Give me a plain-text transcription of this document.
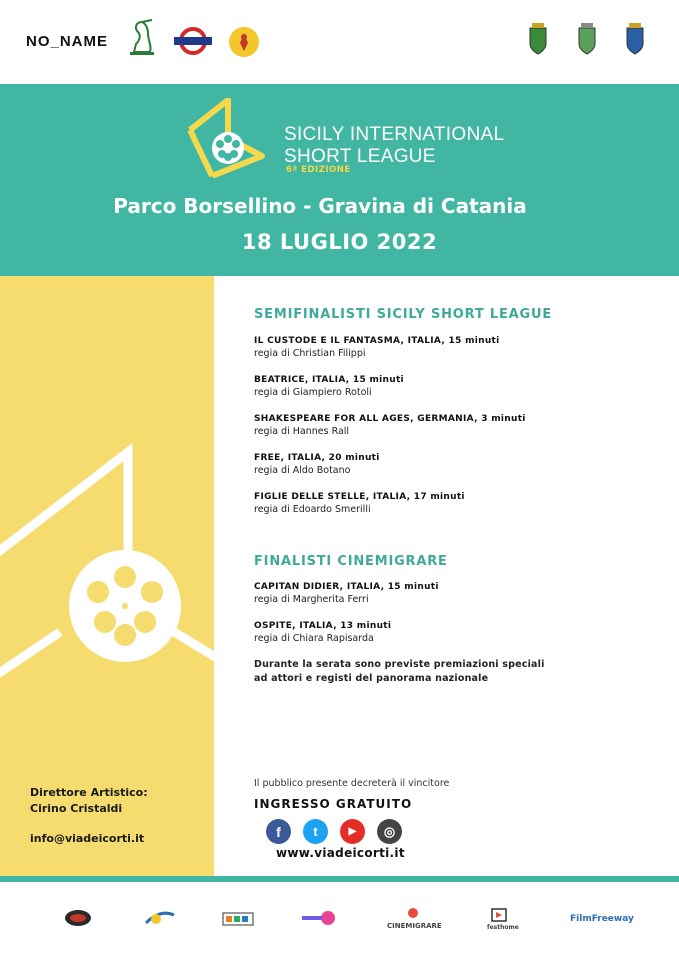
NO_NAME
SICILY INTERNATIONAL
SHORT LEAGUE
6ª EDIZIONE
Parco Borsellino - Gravina di Catania
18 LUGLIO 2022
Direttore Artistico:
Cirino Cristaldi
info@viadeicorti.it
SEMIFINALISTI SICILY SHORT LEAGUE
IL CUSTODE E IL FANTASMA, ITALIA, 15 minuti
regia di Christian Filippi
BEATRICE, ITALIA, 15 minuti
regia di Giampiero Rotoli
SHAKESPEARE FOR ALL AGES, GERMANIA, 3 minuti
regia di Hannes Rall
FREE, ITALIA, 20 minuti
regia di Aldo Botano
FIGLIE DELLE STELLE, ITALIA, 17 minuti
regia di Edoardo Smerilli
FINALISTI CINEMIGRARE
CAPITAN DIDIER, ITALIA, 15 minuti
regia di Margherita Ferri
OSPITE, ITALIA, 13 minuti
regia di Chiara Rapisarda
Durante la serata sono previste premiazioni speciali
ad attori e registi del panorama nazionale
Il pubblico presente decreterà il vincitore
INGRESSO GRATUITO
f	t	▶ ◎
www.viadeicorti.it
CINEMIGRARE	festhome
FilmFreeway
